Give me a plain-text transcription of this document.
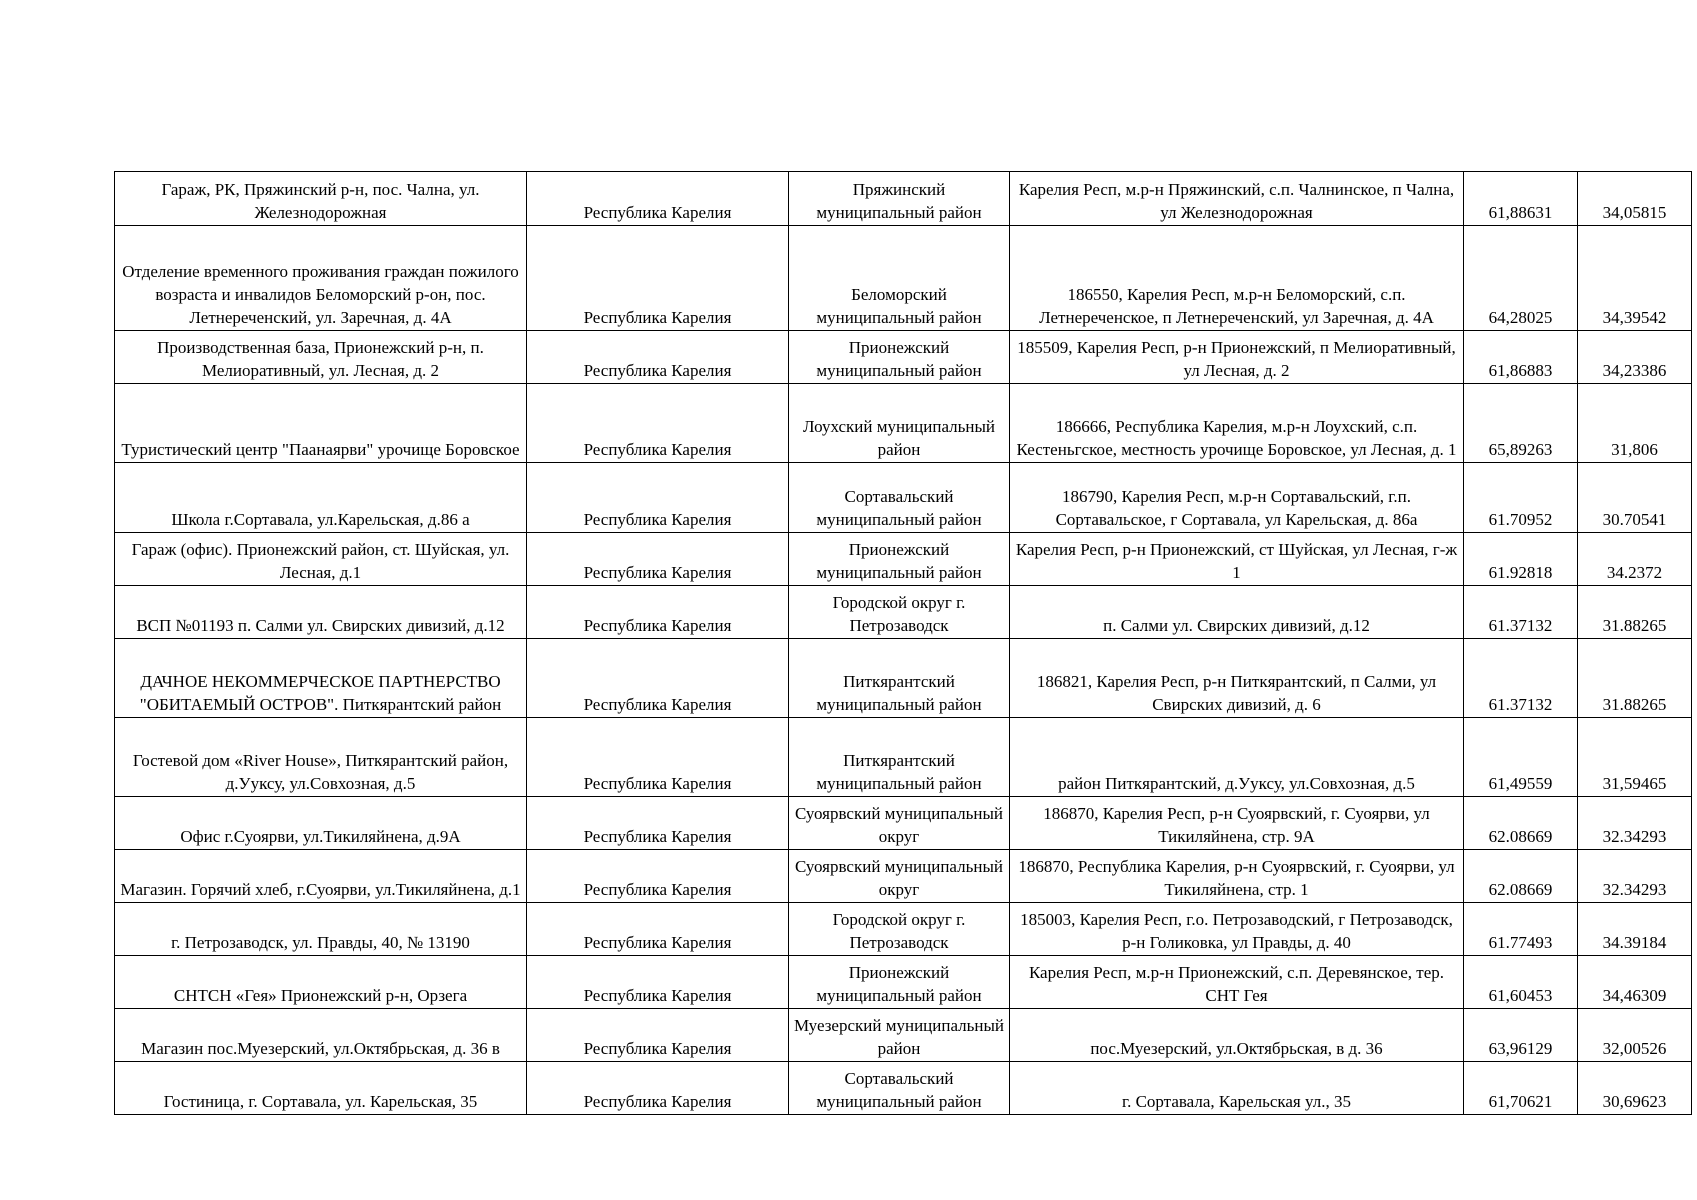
Гараж, РК, Пряжинский р-н, пос. Чална, ул. Железнодорожная	Республика Карелия	Пряжинский муниципальный район	Карелия Респ, м.р-н Пряжинский, с.п. Чалнинское, п Чална, ул Железнодорожная	61,88631	34,05815
Отделение временного проживания граждан пожилого возраста и инвалидов Беломорский р-он, пос. Летнереченский, ул. Заречная, д. 4А	Республика Карелия	Беломорский муниципальный район	186550, Карелия Респ, м.р-н Беломорский, с.п. Летнереченское, п Летнереченский, ул Заречная, д. 4А	64,28025	34,39542
Производственная база, Прионежский р-н, п. Мелиоративный, ул. Лесная, д. 2	Республика Карелия	Прионежский муниципальный район	185509, Карелия Респ, р-н Прионежский, п Мелиоративный, ул Лесная, д. 2	61,86883	34,23386
Туристический центр "Паанаярви" урочище Боровское	Республика Карелия	Лоухский муниципальный район	186666, Республика Карелия, м.р-н Лоухский, с.п. Кестеньгское, местность урочище Боровское, ул Лесная, д. 1	65,89263	31,806
Школа г.Сортавала, ул.Карельская, д.86 а	Республика Карелия	Сортавальский муниципальный район	186790, Карелия Респ, м.р-н Сортавальский, г.п. Сортавальское, г Сортавала, ул Карельская, д. 86а	61.70952	30.70541
Гараж (офис). Прионежский район, ст. Шуйская, ул. Лесная, д.1	Республика Карелия	Прионежский муниципальный район	Карелия Респ, р-н Прионежский, ст Шуйская, ул Лесная, г-ж 1	61.92818	34.2372
ВСП №01193 п. Салми ул. Свирских дивизий, д.12	Республика Карелия	Городской округ г. Петрозаводск	п. Салми ул. Свирских дивизий, д.12	61.37132	31.88265
ДАЧНОЕ НЕКОММЕРЧЕСКОЕ ПАРТНЕРСТВО "ОБИТАЕМЫЙ ОСТРОВ". Питкярантский район	Республика Карелия	Питкярантский муниципальный район	186821, Карелия Респ, р-н Питкярантский, п Салми, ул Свирских дивизий, д. 6	61.37132	31.88265
Гостевой дом «River House», Питкярантский район, д.Ууксу, ул.Совхозная, д.5	Республика Карелия	Питкярантский муниципальный район	район Питкярантский, д.Ууксу, ул.Совхозная, д.5	61,49559	31,59465
Офис г.Суоярви, ул.Тикиляйнена, д.9А	Республика Карелия	Суоярвский муниципальный округ	186870, Карелия Респ, р-н Суоярвский, г. Суоярви, ул Тикиляйнена, стр. 9А	62.08669	32.34293
Магазин. Горячий хлеб, г.Суоярви, ул.Тикиляйнена, д.1	Республика Карелия	Суоярвский муниципальный округ	186870, Республика Карелия, р-н Суоярвский, г. Суоярви, ул Тикиляйнена, стр. 1	62.08669	32.34293
г. Петрозаводск, ул. Правды, 40, № 13190	Республика Карелия	Городской округ г. Петрозаводск	185003, Карелия Респ, г.о. Петрозаводский, г Петрозаводск, р-н Голиковка, ул Правды, д. 40	61.77493	34.39184
СНТСН «Гея» Прионежский р-н, Орзега	Республика Карелия	Прионежский муниципальный район	Карелия Респ, м.р-н Прионежский, с.п. Деревянское, тер. СНТ Гея	61,60453	34,46309
Магазин пос.Муезерский, ул.Октябрьская, д. 36 в	Республика Карелия	Муезерский муниципальный район	пос.Муезерский, ул.Октябрьская, в д. 36	63,96129	32,00526
Гостиница, г. Сортавала, ул. Карельская, 35	Республика Карелия	Сортавальский муниципальный район	г. Сортавала, Карельская ул., 35	61,70621	30,69623
